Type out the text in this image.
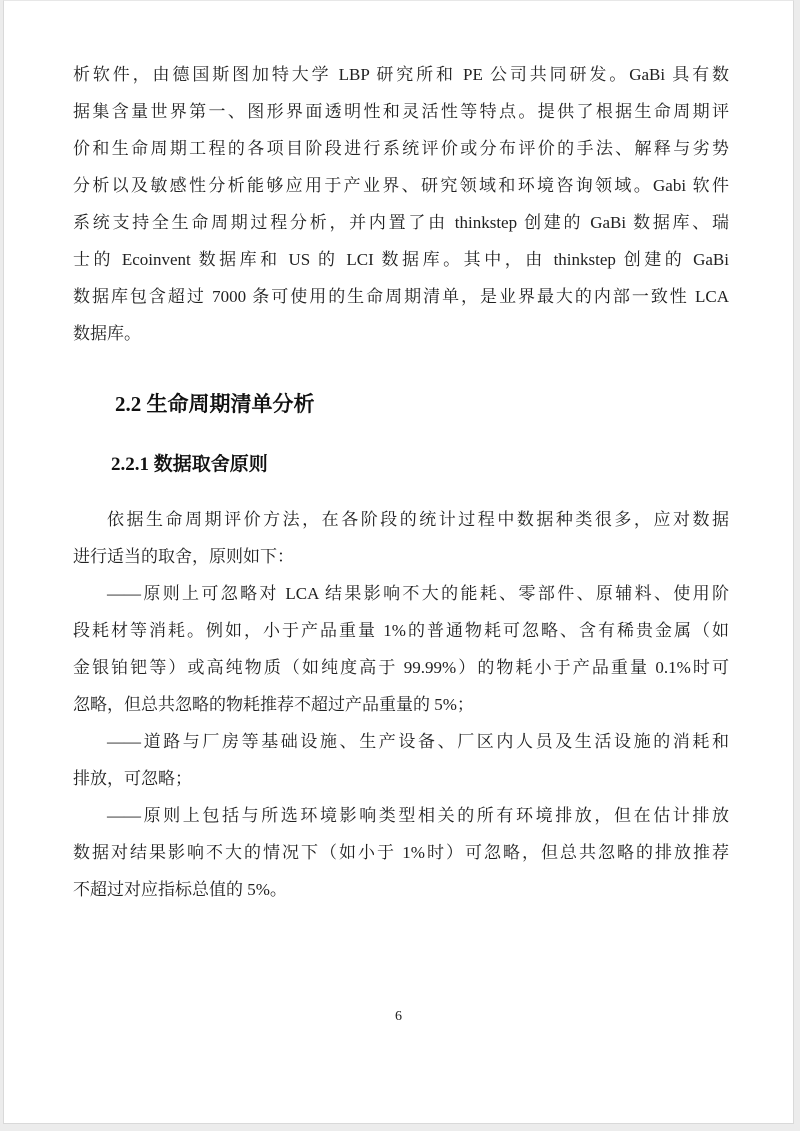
析软件，由德国斯图加特大学 LBP 研究所和 PE 公司共同研发。GaBi 具有数
据集含量世界第一、图形界面透明性和灵活性等特点。提供了根据生命周期评
价和生命周期工程的各项目阶段进行系统评价或分布评价的手法、解释与劣势
分析以及敏感性分析能够应用于产业界、研究领域和环境咨询领域。Gabi 软件
系统支持全生命周期过程分析，并内置了由 thinkstep 创建的 GaBi 数据库、瑞
士的 Ecoinvent 数据库和 US 的 LCI 数据库。其中，由 thinkstep 创建的 GaBi
数据库包含超过 7000 条可使用的生命周期清单，是业界最大的内部一致性 LCA
数据库。
2.2 生命周期清单分析
2.2.1 数据取舍原则
依据生命周期评价方法，在各阶段的统计过程中数据种类很多，应对数据
进行适当的取舍，原则如下：
——原则上可忽略对 LCA 结果影响不大的能耗、零部件、原辅料、使用阶
段耗材等消耗。例如，小于产品重量 1%的普通物耗可忽略、含有稀贵金属（如
金银铂钯等）或高纯物质（如纯度高于 99.99%）的物耗小于产品重量 0.1%时可
忽略，但总共忽略的物耗推荐不超过产品重量的 5%；
——道路与厂房等基础设施、生产设备、厂区内人员及生活设施的消耗和
排放，可忽略；
——原则上包括与所选环境影响类型相关的所有环境排放，但在估计排放
数据对结果影响不大的情况下（如小于 1%时）可忽略，但总共忽略的排放推荐
不超过对应指标总值的 5%。
6
